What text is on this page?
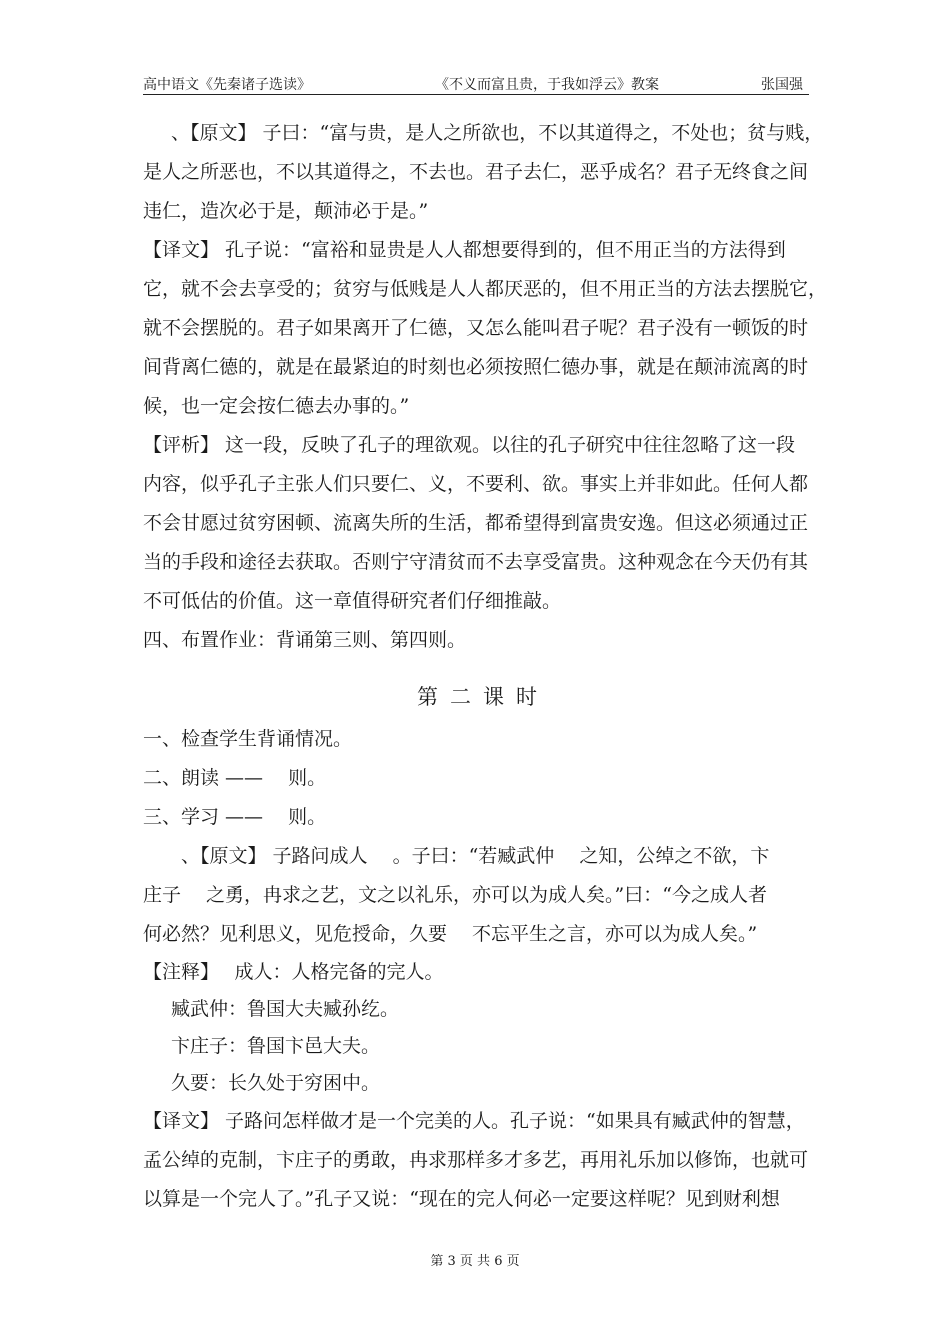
高中语文《先秦诸子选读》	《不义而富且贵，于我如浮云》教案	张国强
、【原文】 子曰：“富与贵，是人之所欲也，不以其道得之，不处也；贫与贱，
是人之所恶也，不以其道得之，不去也。君子去仁，恶乎成名？君子无终食之间
违仁，造次必于是，颠沛必于是。”
【译文】 孔子说：“富裕和显贵是人人都想要得到的，但不用正当的方法得到
它，就不会去享受的；贫穷与低贱是人人都厌恶的，但不用正当的方法去摆脱它，
就不会摆脱的。君子如果离开了仁德，又怎么能叫君子呢？君子没有一顿饭的时
间背离仁德的，就是在最紧迫的时刻也必须按照仁德办事，就是在颠沛流离的时
候，也一定会按仁德去办事的。”
【评析】 这一段，反映了孔子的理欲观。以往的孔子研究中往往忽略了这一段
内容，似乎孔子主张人们只要仁、义，不要利、欲。事实上并非如此。任何人都
不会甘愿过贫穷困顿、流离失所的生活，都希望得到富贵安逸。但这必须通过正
当的手段和途径去获取。否则宁守清贫而不去享受富贵。这种观念在今天仍有其
不可低估的价值。这一章值得研究者们仔细推敲。
四、布置作业：背诵第三则、第四则。
第二课时
一、检查学生背诵情况。
二、朗读 ——　 则。
三、学习 ——　 则。
、【原文】 子路问成人　 。子曰：“若臧武仲　 之知，公绰之不欲，卞
庄子　 之勇，冉求之艺，文之以礼乐，亦可以为成人矣。”曰：“今之成人者
何必然？见利思义，见危授命，久要　 不忘平生之言，亦可以为成人矣。”
【注释】　 成人：人格完备的完人。
臧武仲：鲁国大夫臧孙纥。
卞庄子：鲁国卞邑大夫。
久要：长久处于穷困中。
【译文】 子路问怎样做才是一个完美的人。孔子说：“如果具有臧武仲的智慧，
孟公绰的克制，卞庄子的勇敢，冉求那样多才多艺，再用礼乐加以修饰，也就可
以算是一个完人了。”孔子又说：“现在的完人何必一定要这样呢？见到财利想
第 3 页 共 6 页
